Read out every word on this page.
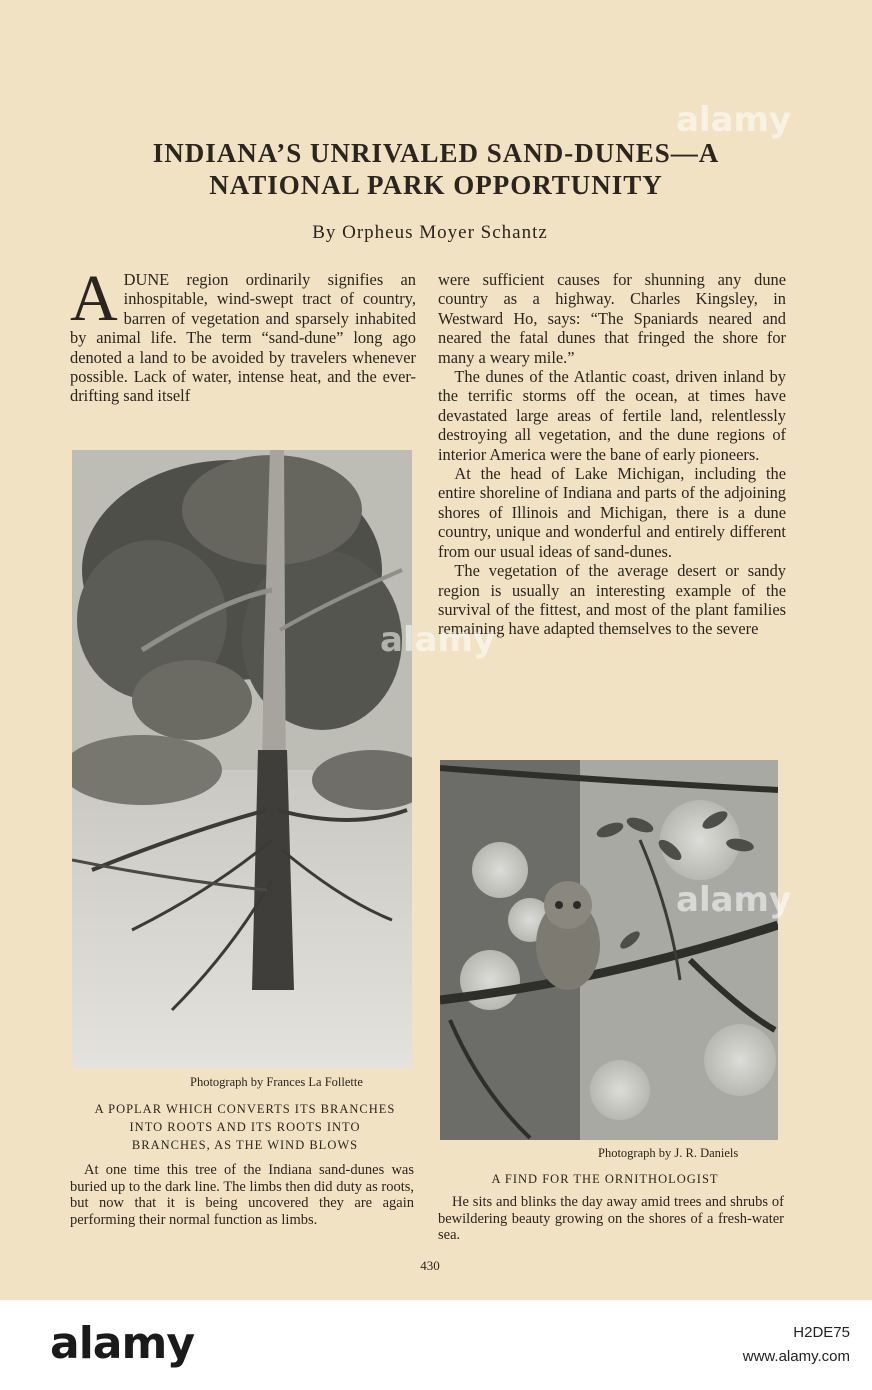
INDIANA’S UNRIVALED SAND-DUNES—A
NATIONAL PARK OPPORTUNITY
By Orpheus Moyer Schantz

ADUNE region ordinarily signifies an inhospitable, wind-swept tract of country, barren of vegetation and sparsely inhabited by animal life. The term “sand-dune” long ago denoted a land to be avoided by travelers whenever possible. Lack of water, intense heat, and the ever-drifting sand itself

were sufficient causes for shunning any dune country as a highway. Charles Kingsley, in Westward Ho, says: “The Spaniards neared and neared the fatal dunes that fringed the shore for many a weary mile.”

The dunes of the Atlantic coast, driven inland by the terrific storms off the ocean, at times have devastated large areas of fertile land, relentlessly destroying all vegetation, and the dune regions of interior America were the bane of early pioneers.

At the head of Lake Michigan, including the entire shoreline of Indiana and parts of the adjoining shores of Illinois and Michigan, there is a dune country, unique and wonderful and entirely different from our usual ideas of sand-dunes.

The vegetation of the average desert or sandy region is usually an interesting example of the survival of the fittest, and most of the plant families remaining have adapted themselves to the severe

Photograph by Frances La Follette
A POPLAR WHICH CONVERTS ITS BRANCHES
INTO ROOTS AND ITS ROOTS INTO
BRANCHES, AS THE WIND BLOWS
At one time this tree of the Indiana sand-dunes was buried up to the dark line. The limbs then did duty as roots, but now that it is being uncovered they are again performing their normal function as limbs.
Photograph by J. R. Daniels
A FIND FOR THE ORNITHOLOGIST
He sits and blinks the day away amid trees and shrubs of bewildering beauty growing on the shores of a fresh-water sea.
430
alamy
alamy
alamy
alamy	H2DE75
www.alamy.com
